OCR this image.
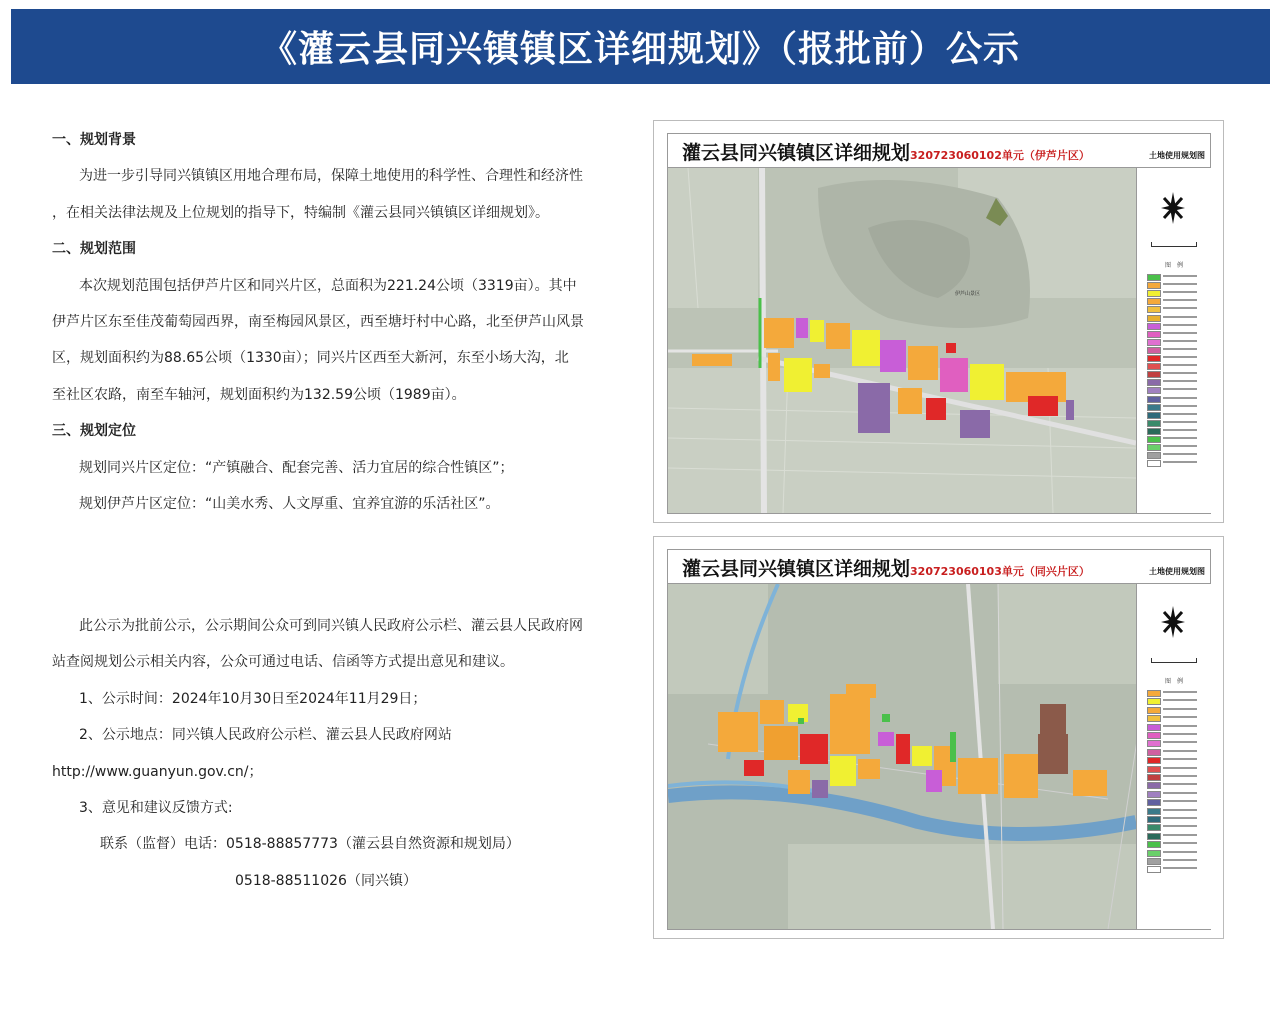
《灌云县同兴镇镇区详细规划》（报批前）公示

一、规划背景

为进一步引导同兴镇镇区用地合理布局，保障土地使用的科学性、合理性和经济性

，在相关法律法规及上位规划的指导下，特编制《灌云县同兴镇镇区详细规划》。

二、规划范围

本次规划范围包括伊芦片区和同兴片区，总面积为221.24公顷（3319亩）。其中

伊芦片区东至佳茂葡萄园西界，南至梅园风景区，西至塘圩村中心路，北至伊芦山风景

区，规划面积约为88.65公顷（1330亩）；同兴片区西至大新河，东至小场大沟，北

至社区农路，南至车轴河，规划面积约为132.59公顷（1989亩）。

三、规划定位

规划同兴片区定位：“产镇融合、配套完善、活力宜居的综合性镇区”；

规划伊芦片区定位：“山美水秀、人文厚重、宜养宜游的乐活社区”。

此公示为批前公示，公示期间公众可到同兴镇人民政府公示栏、灌云县人民政府网

站查阅规划公示相关内容，公众可通过电话、信函等方式提出意见和建议。

1、公示时间：2024年10月30日至2024年11月29日；

2、公示地点：同兴镇人民政府公示栏、灌云县人民政府网站

http://www.guanyun.gov.cn/；

3、意见和建议反馈方式:

联系（监督）电话：0518-88857773（灌云县自然资源和规划局）

0518-88511026（同兴镇）

灌云县同兴镇镇区详细规划320723060102单元（伊芦片区）	土地使用规划图
伊芦山景区
图　例
灌云县同兴镇镇区详细规划320723060103单元（同兴片区）	土地使用规划图
图　例
